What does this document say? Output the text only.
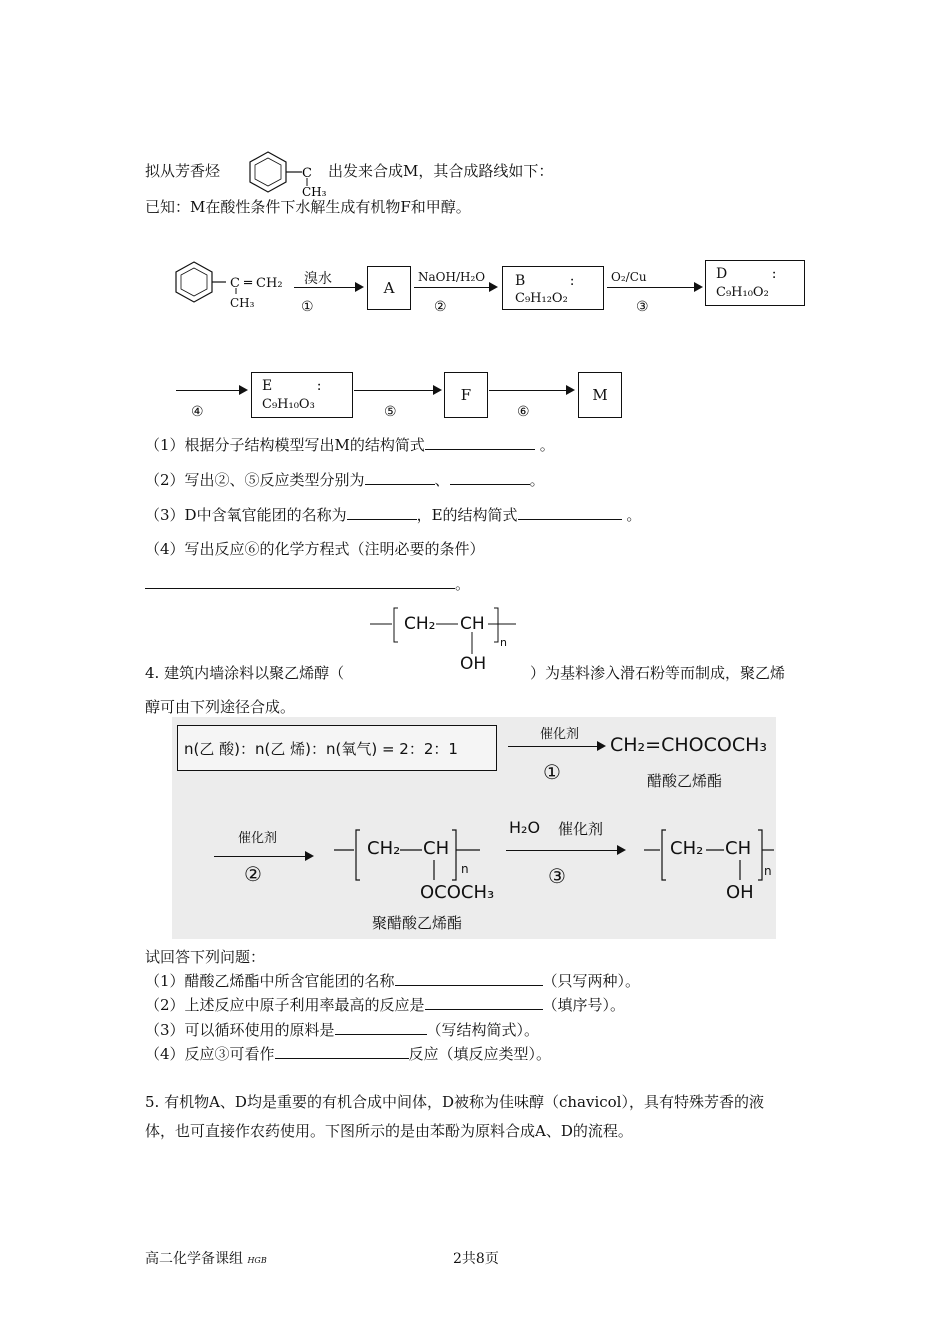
拟从芳香烃	C
CH₃
出发来合成M，其合成路线如下：
已知：M在酸性条件下水解生成有机物F和甲醇。
C ═ CH₂
CH₃
溴水
①
A
NaOH/H₂O
②
B          :
C₉H₁₂O₂
O₂/Cu
③
D          :
C₉H₁₀O₂
④
E          :
C₉H₁₀O₃	⑤
F
⑥
M
（1）根据分子结构模型写出M的结构简式	。
（2）写出②、⑤反应类型分别为	、	。
（3）D中含氧官能团的名称为	，E的结构简式	。
（4）写出反应⑥的化学方程式（注明必要的条件）
。
CH₂ CH
n
OH
4. 建筑内墙涂料以聚乙烯醇（	）为基料渗入滑石粉等而制成，聚乙烯
醇可由下列途径合成。
n(乙 酸)：n(乙 烯)：n(氧气) = 2：2：1
催化剂
①
CH₂=CHOCOCH₃
醋酸乙烯酯
催化剂
②
CH₂ CH
n
OCOCH₃
聚醋酸乙烯酯
H₂O 催化剂
③
CH₂ CH
n
OH
试回答下列问题：
（1）醋酸乙烯酯中所含官能团的名称	（只写两种）。
（2）上述反应中原子利用率最高的反应是	（填序号）。
（3）可以循环使用的原料是	（写结构简式）。
（4）反应③可看作	反应（填反应类型）。
5. 有机物A、D均是重要的有机合成中间体，D被称为佳味醇（chavicol），具有特殊芳香的液
体，也可直接作农药使用。下图所示的是由苯酚为原料合成A、D的流程。
高二化学备课组 HGB	2共8页
